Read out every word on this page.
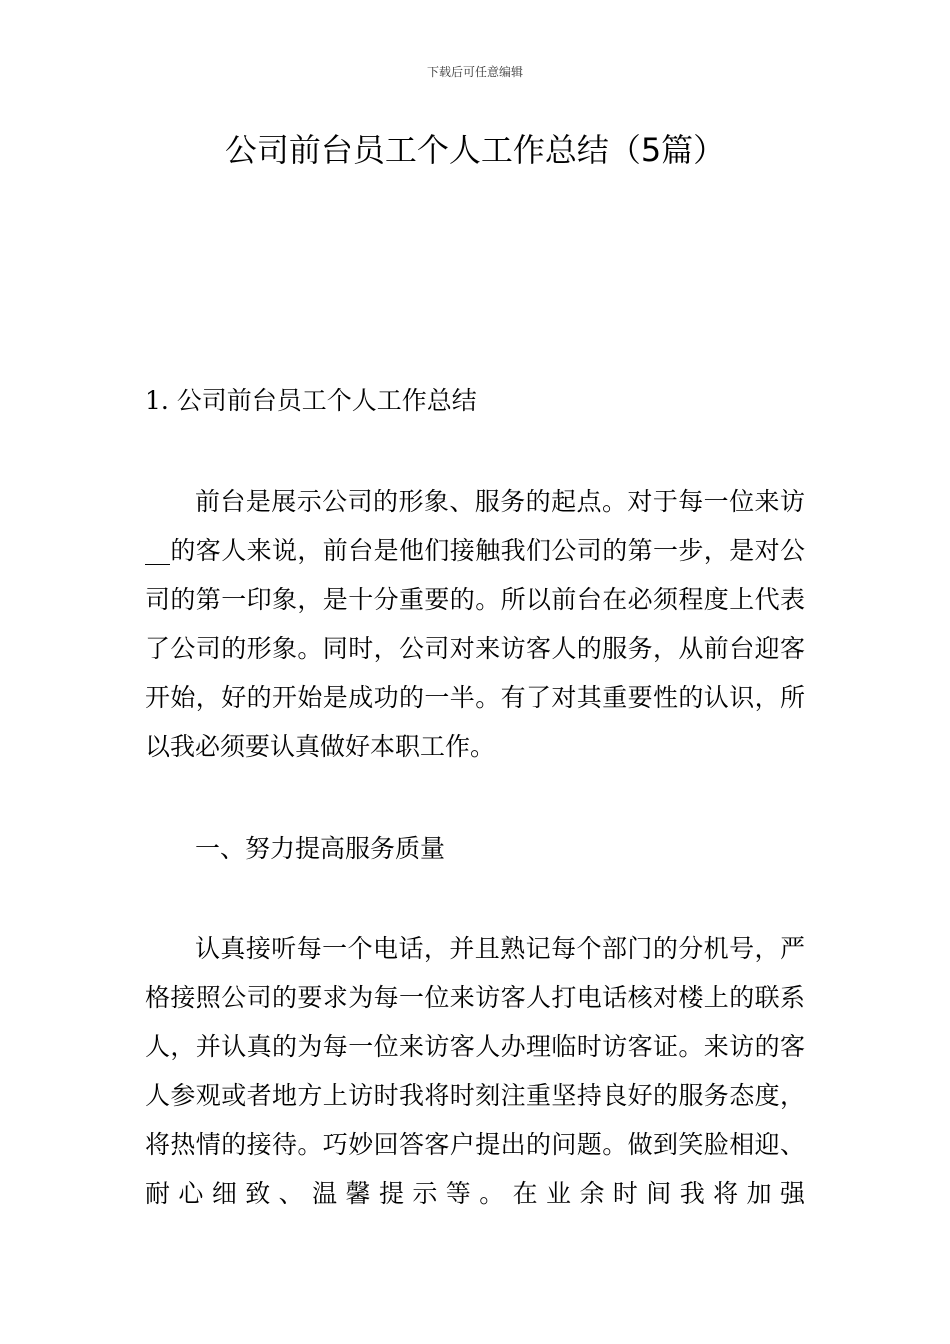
下载后可任意编辑
公司前台员工个人工作总结（5篇）

1. 公司前台员工个人工作总结

前台是展示公司的形象、服务的起点。对于每一位来访__的客人来说，前台是他们接触我们公司的第一步，是对公司的第一印象，是十分重要的。所以前台在必须程度上代表了公司的形象。同时，公司对来访客人的服务，从前台迎客开始，好的开始是成功的一半。有了对其重要性的认识，所以我必须要认真做好本职工作。

一、努力提高服务质量

认真接听每一个电话，并且熟记每个部门的分机号，严格接照公司的要求为每一位来访客人打电话核对楼上的联系人，并认真的为每一位来访客人办理临时访客证。来访的客人参观或者地方上访时我将时刻注重坚持良好的服务态度，将热情的接待。巧妙回答客户提出的问题。做到笑脸相迎、耐心细致、温馨提示等。在业余时间我将加强
